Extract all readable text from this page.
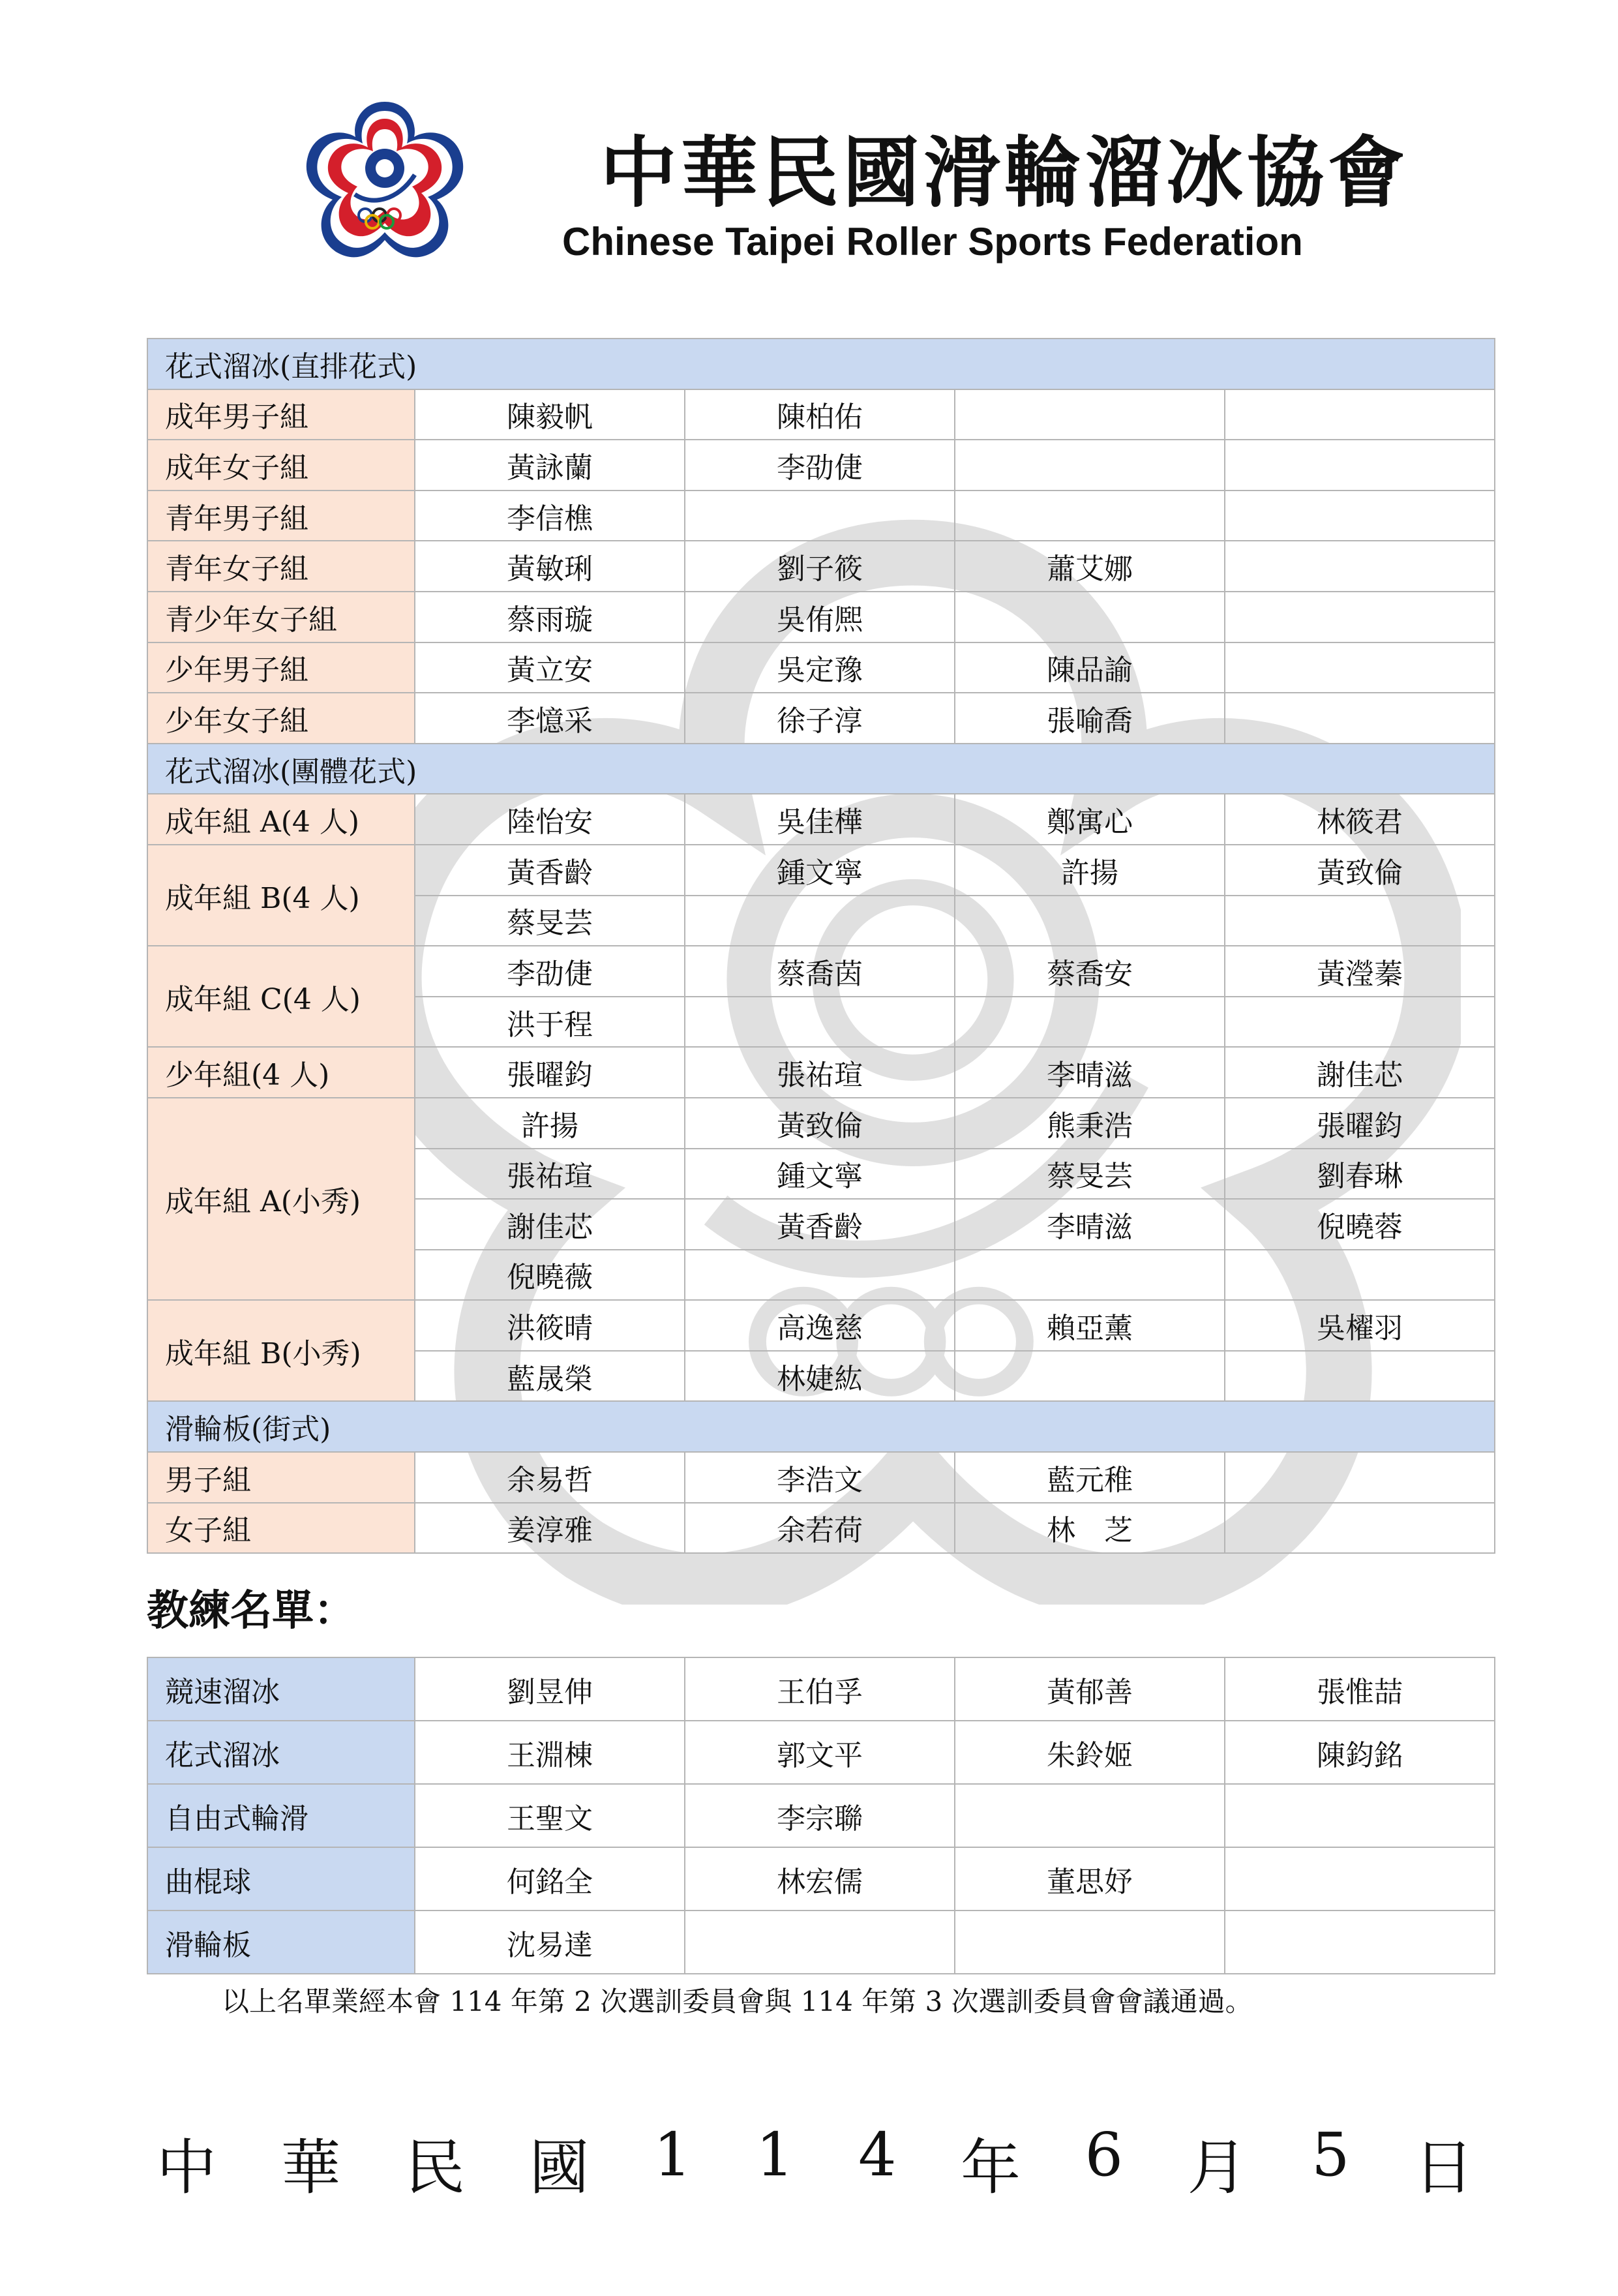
中華民國滑輪溜冰協會
Chinese Taipei Roller Sports Federation
花式溜冰(直排花式)				
成年男子組	陳毅帆	陳柏佑		
成年女子組	黃詠蘭	李劭倢		
青年男子組	李信樵			
青年女子組	黃敏琍	劉子筱	蕭艾娜	
青少年女子組	蔡雨璇	吳侑熈		
少年男子組	黃立安	吳定豫	陳品諭	
少年女子組	李憶采	徐子淳	張喻喬	
花式溜冰(團體花式)				
成年組 A(4 人)	陸怡安	吳佳樺	鄭寓心	林筱君
成年組 B(4 人)	黃香齡	鍾文寧	許揚	黃致倫
	蔡旻芸			
成年組 C(4 人)	李劭倢	蔡喬茵	蔡喬安	黃瀅蓁
	洪于程			
少年組(4 人)	張曜鈞	張祐瑄	李晴滋	謝佳芯
成年組 A(小秀)	許揚	黃致倫	熊秉浩	張曜鈞
	張祐瑄	鍾文寧	蔡旻芸	劉春琳
	謝佳芯	黃香齡	李晴滋	倪曉蓉
	倪曉薇			
成年組 B(小秀)	洪筱晴	高逸慈	賴亞薰	吳櫂羽
	藍晟榮	林婕紘		
滑輪板(街式)				
男子組	余易哲	李浩文	藍元稚	
女子組	姜淳雅	余若荷	林　芝	
教練名單：
競速溜冰	劉昱伸	王伯孚	黃郁善	張惟喆
花式溜冰	王淵棟	郭文平	朱鈴姬	陳鈞銘
自由式輪滑	王聖文	李宗聯		
曲棍球	何銘全	林宏儒	董思妤	
滑輪板	沈易達			
以上名單業經本會 114 年第 2 次選訓委員會與 114 年第 3 次選訓委員會會議通過。
中 華 民 國 1 1 4 年 6 月 5 日
